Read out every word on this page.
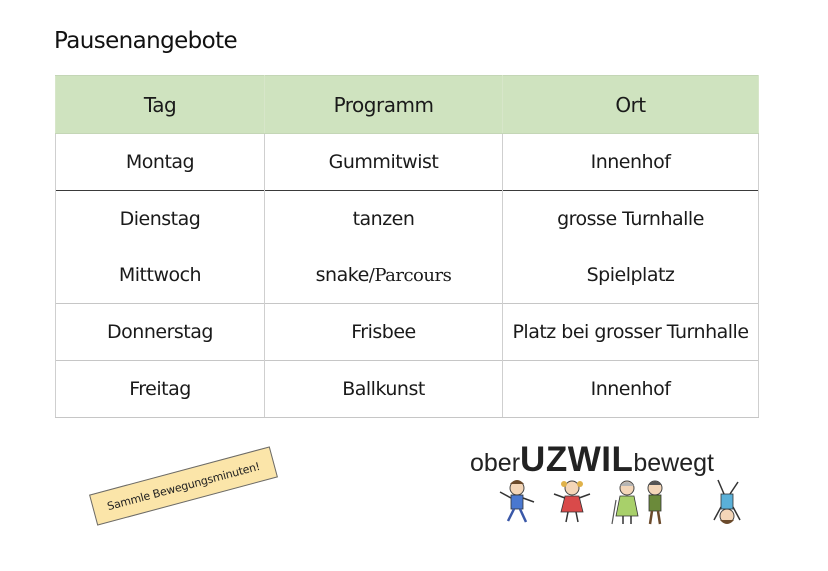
Pausenangebote
Tag	Programm	Ort
Montag	Gummitwist	Innenhof
Dienstag	tanzen	grosse Turnhalle
Mittwoch	snake/Parcours	Spielplatz
Donnerstag	Frisbee	Platz bei grosser Turnhalle
Freitag	Ballkunst	Innenhof
Sammle Bewegungsminuten!	oberUZWILbewegt
